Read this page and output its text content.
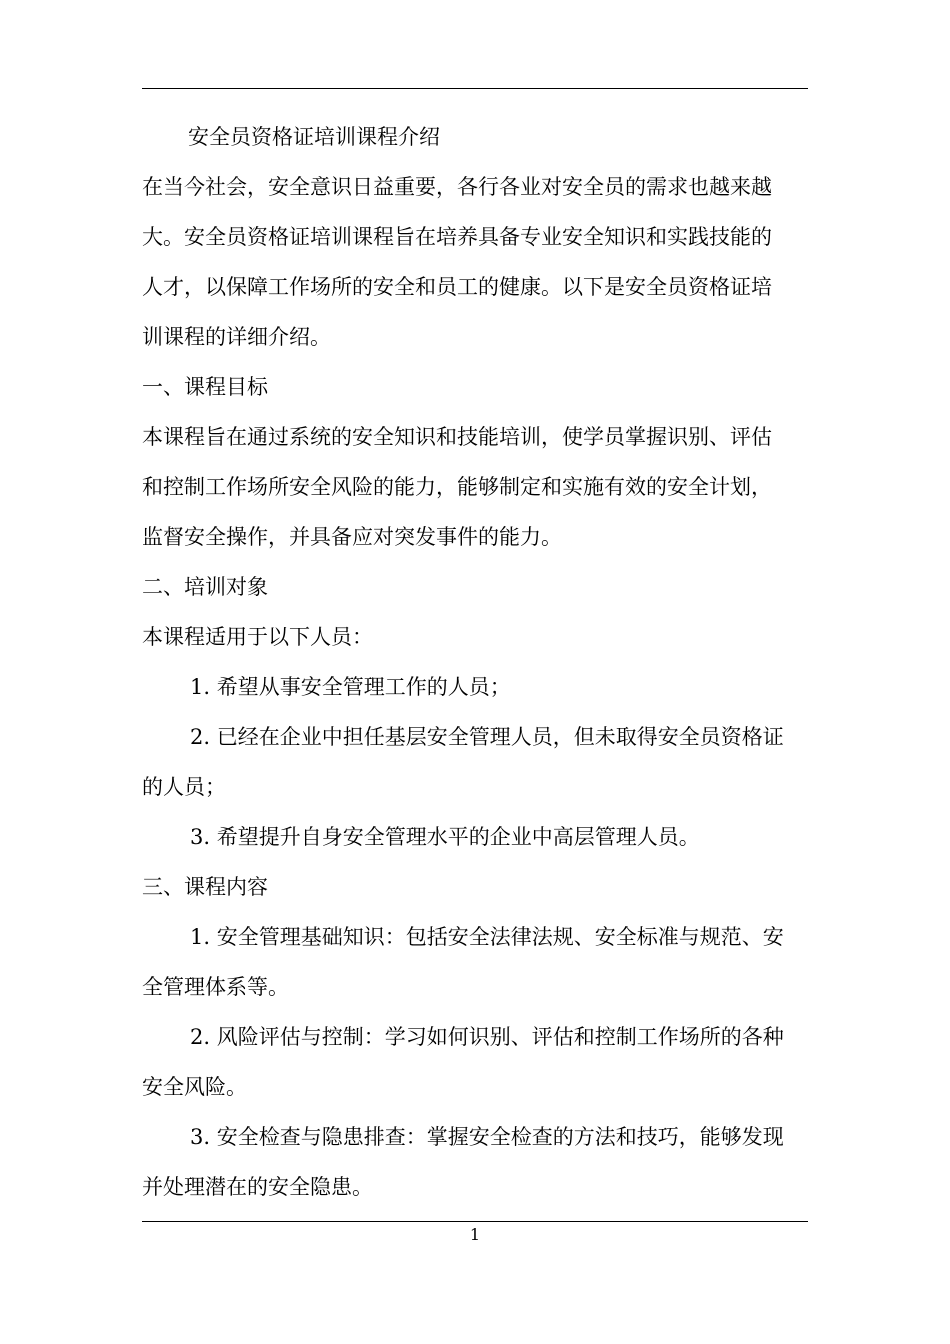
安全员资格证培训课程介绍
在当今社会，安全意识日益重要，各行各业对安全员的需求也越来越
大。安全员资格证培训课程旨在培养具备专业安全知识和实践技能的
人才，以保障工作场所的安全和员工的健康。以下是安全员资格证培
训课程的详细介绍。
一、课程目标
本课程旨在通过系统的安全知识和技能培训，使学员掌握识别、评估
和控制工作场所安全风险的能力，能够制定和实施有效的安全计划，
监督安全操作，并具备应对突发事件的能力。
二、培训对象
本课程适用于以下人员：
1. 希望从事安全管理工作的人员；
2. 已经在企业中担任基层安全管理人员，但未取得安全员资格证
的人员；
3. 希望提升自身安全管理水平的企业中高层管理人员。
三、课程内容
1. 安全管理基础知识：包括安全法律法规、安全标准与规范、安
全管理体系等。
2. 风险评估与控制：学习如何识别、评估和控制工作场所的各种
安全风险。
3. 安全检查与隐患排查：掌握安全检查的方法和技巧，能够发现
并处理潜在的安全隐患。
1
